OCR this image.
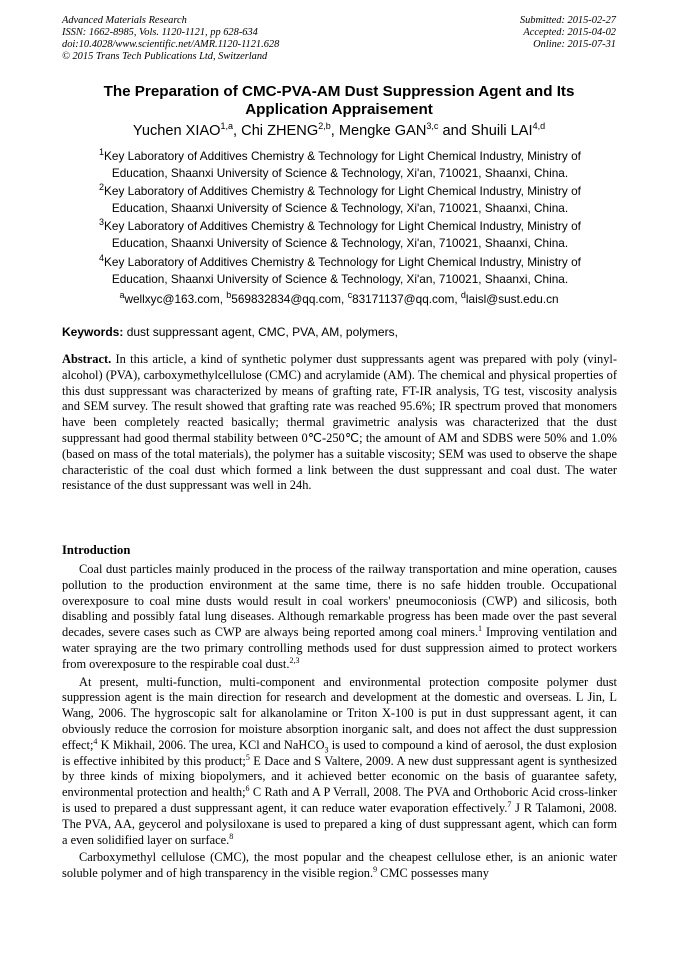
Advanced Materials Research
ISSN: 1662-8985, Vols. 1120-1121, pp 628-634
doi:10.4028/www.scientific.net/AMR.1120-1121.628
© 2015 Trans Tech Publications Ltd, Switzerland
Submitted: 2015-02-27
Accepted: 2015-04-02
Online: 2015-07-31
The Preparation of CMC-PVA-AM Dust Suppression Agent and Its
Application Appraisement
Yuchen XIAO$^{1,a}$, Chi ZHENG$^{2,b}$, Mengke GAN$^{3,c}$ and Shuili LAI$^{4,d}$
$^1$Key Laboratory of Additives Chemistry & Technology for Light Chemical Industry, Ministry of
Education, Shaanxi University of Science & Technology, Xi'an, 710021, Shaanxi, China.
$^2$Key Laboratory of Additives Chemistry & Technology for Light Chemical Industry, Ministry of
Education, Shaanxi University of Science & Technology, Xi'an, 710021, Shaanxi, China.
$^3$Key Laboratory of Additives Chemistry & Technology for Light Chemical Industry, Ministry of
Education, Shaanxi University of Science & Technology, Xi'an, 710021, Shaanxi, China.
$^4$Key Laboratory of Additives Chemistry & Technology for Light Chemical Industry, Ministry of
Education, Shaanxi University of Science & Technology, Xi'an, 710021, Shaanxi, China.
$^a$wellxyc@163.com, $^b$569832834@qq.com, $^c$83171137@qq.com, $^d$laisl@sust.edu.cn
Keywords: dust suppressant agent, CMC, PVA, AM, polymers,

Abstract. In this article, a kind of synthetic polymer dust suppressants agent was prepared with poly (vinyl- alcohol) (PVA), carboxymethylcellulose (CMC) and acrylamide (AM). The chemical and physical properties of this dust suppressant was characterized by means of grafting rate, FT-IR analysis, TG test, viscosity analysis and SEM survey. The result showed that grafting rate was reached 95.6%; IR spectrum proved that monomers have been completely reacted basically; thermal gravimetric analysis was characterized that the dust suppressant had good thermal stability between 0℃-250℃; the amount of AM and SDBS were 50% and 1.0% (based on mass of the total materials), the polymer has a suitable viscosity; SEM was used to observe the shape characteristic of the coal dust which formed a link between the dust suppressant and coal dust. The water resistance of the dust suppressant was well in 24h.

Introduction

Coal dust particles mainly produced in the process of the railway transportation and mine operation, causes pollution to the production environment at the same time, there is no safe hidden trouble. Occupational overexposure to coal mine dusts would result in coal workers' pneumoconiosis (CWP) and silicosis, both disabling and possibly fatal lung diseases. Although remarkable progress has been made over the past several decades, severe cases such as CWP are always being reported among coal miners.$^1$ Improving ventilation and water spraying are the two primary controlling methods used for dust suppression aimed to protect workers from overexposure to the respirable coal dust.$^{2,3}$

At present, multi-function, multi-component and environmental protection composite polymer dust suppression agent is the main direction for research and development at the domestic and overseas. L Jin, L Wang, 2006. The hygroscopic salt for alkanolamine or Triton X-100 is put in dust suppressant agent, it can obviously reduce the corrosion for moisture absorption inorganic salt, and does not affect the dust suppression effect;$^4$ K Mikhail, 2006. The urea, KCl and NaHCO$_3$ is used to compound a kind of aerosol, the dust explosion is effective inhibited by this product;$^5$ E Dace and S Valtere, 2009. A new dust suppressant agent is synthesized by three kinds of mixing biopolymers, and it achieved better economic on the basis of guarantee safety, environmental protection and health;$^6$ C Rath and A P Verrall, 2008. The PVA and Orthoboric Acid cross-linker is used to prepared a dust suppressant agent, it can reduce water evaporation effectively.$^7$ J R Talamoni, 2008. The PVA, AA, geycerol and polysiloxane is used to prepared a king of dust suppressant agent, which can form a even solidified layer on surface.$^8$

Carboxymethyl cellulose (CMC), the most popular and the cheapest cellulose ether, is an anionic water soluble polymer and of high transparency in the visible region.$^9$ CMC possesses many
